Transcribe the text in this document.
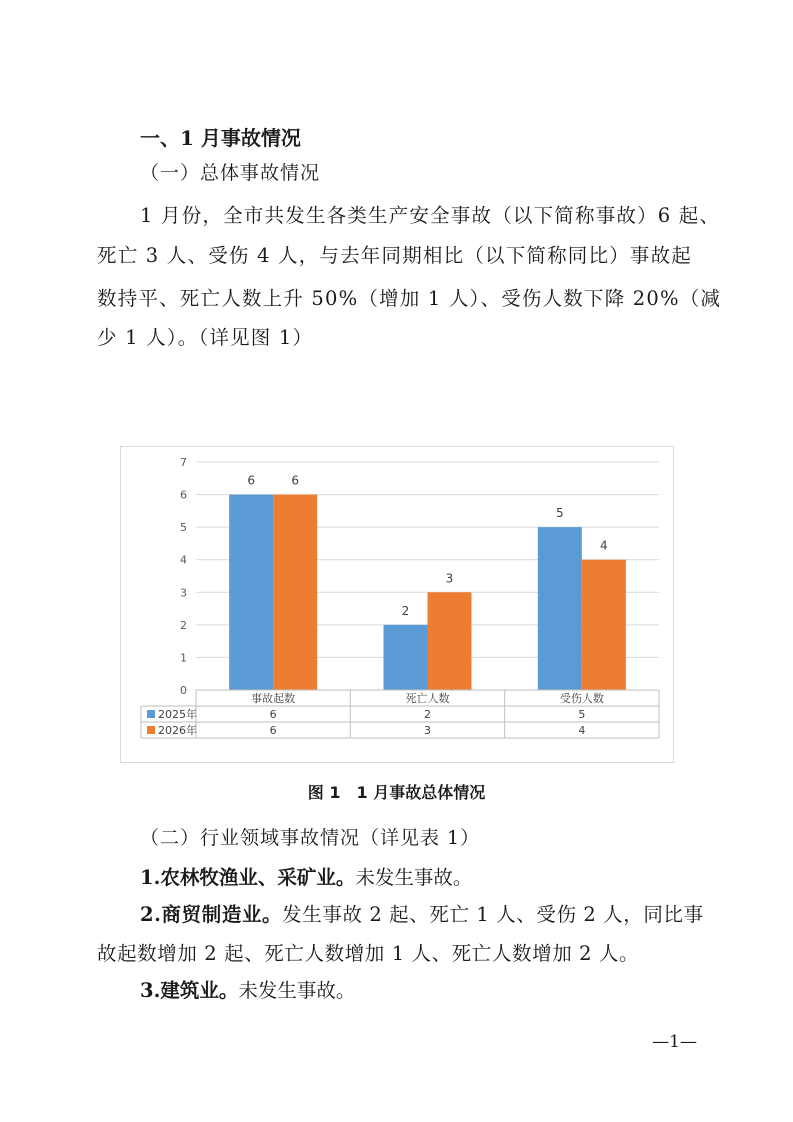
一、1 月事故情况
（一）总体事故情况
1 月份，全市共发生各类生产安全事故（以下简称事故）6 起、
死亡 3 人、受伤 4 人，与去年同期相比（以下简称同比）事故起
数持平、死亡人数上升 50%（增加 1 人）、受伤人数下降 20%（减
少 1 人）。（详见图 1）
0
1
2
3
4
5
6
7
6	6
2
3
5
4
事故起数	死亡人数	受伤人数
2025年	6	2	5
2026年	6	3	4
图 1　1 月事故总体情况
（二）行业领域事故情况（详见表 1）
1.农林牧渔业、采矿业。未发生事故。
2.商贸制造业。发生事故 2 起、死亡 1 人、受伤 2 人，同比事
故起数增加 2 起、死亡人数增加 1 人、死亡人数增加 2 人。
3.建筑业。未发生事故。
—1—
